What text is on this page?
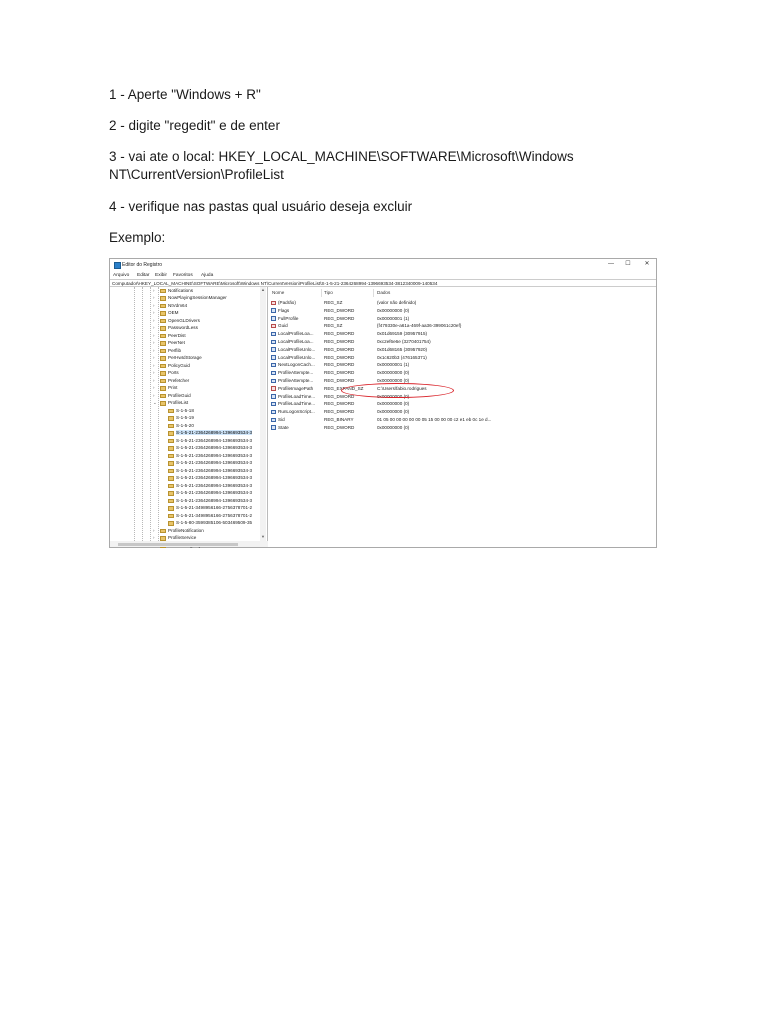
1 - Aperte "Windows + R"
2 - digite "regedit" e de enter
3 - vai ate o local: HKEY_LOCAL_MACHINE\SOFTWARE\Microsoft\Windows
NT\CurrentVersion\ProfileList
4 - verifique nas pastas qual usuário deseja excluir
Exemplo:
Editor do Registro	—	☐	✕
Arquivo Editar Exibir Favoritos Ajuda
Computador\HKEY_LOCAL_MACHINE\SOFTWARE\Microsoft\Windows NT\CurrentVersion\ProfileList\S-1-5-21-2364268994-1396693534-3812340009-140534
▲
▼
›	Notifications
›	NowPlayingSessionManager
›	NtVdm64
›	OEM
›	OpenGLDrivers
›	PasswordLess
›	PeerDist
›	PeerNet
›	Perflib
›	PerHwIdStorage
›	PolicyGuid
›	Ports
›	Prefetcher
›	Print
›	ProfileGuid
⌄ ProfileList
S-1-5-18
S-1-5-19
S-1-5-20
S-1-5-21-2364268994-1396693534-3
S-1-5-21-2364268994-1396693534-3
S-1-5-21-2364268994-1396693534-3
S-1-5-21-2364268994-1396693534-3
S-1-5-21-2364268994-1396693534-3
S-1-5-21-2364268994-1396693534-3
S-1-5-21-2364268994-1396693534-3
S-1-5-21-2364268994-1396693534-3
S-1-5-21-2364268994-1396693534-3
S-1-5-21-2364268994-1396693534-3
S-1-5-21-3498956166-2756378701-2
S-1-5-21-3498956166-2756378701-2
S-1-5-80-3599385106-503469509-35
›	ProfileNotification
›	ProfileService
Nome	Tipo	Dados
(Padrão)	REG_SZ	(valor não definido)
Flags	REG_DWORD	0x00000000 (0)
FullProfile	REG_DWORD	0x00000001 (1)
Guid	REG_SZ	{f479330e-a61a-469f-aa36-399061c20ef}
LocalProfileLoa... REG_DWORD	0x01d69159 (30957915)
LocalProfileLoa... REG_DWORD	0xc2ef6e6e (3270401754)
LocalProfileUnlo... REG_DWORD	0x01d68165 (30957920)
LocalProfileUnlo... REG_DWORD	0x1c620b3 (476165371)
NextLogonCach... REG_DWORD	0x00000001 (1)
ProfileAttempte... REG_DWORD	0x00000000 (0)
ProfileAttempte... REG_DWORD	0x00000000 (0)
ProfileImagePath REG_EXPAND_SZ	C:\Users\fabio.rodrigues
ProfileLoadTime... REG_DWORD	0x00000000 (0)
ProfileLoadTime... REG_DWORD	0x00000000 (0)
RunLogonScript... REG_DWORD	0x00000000 (0)
Sid	REG_BINARY	01 05 00 00 00 00 00 05 15 00 00 00 c2 e1 eb 0c 1e d...
State	REG_DWORD	0x00000000 (0)
